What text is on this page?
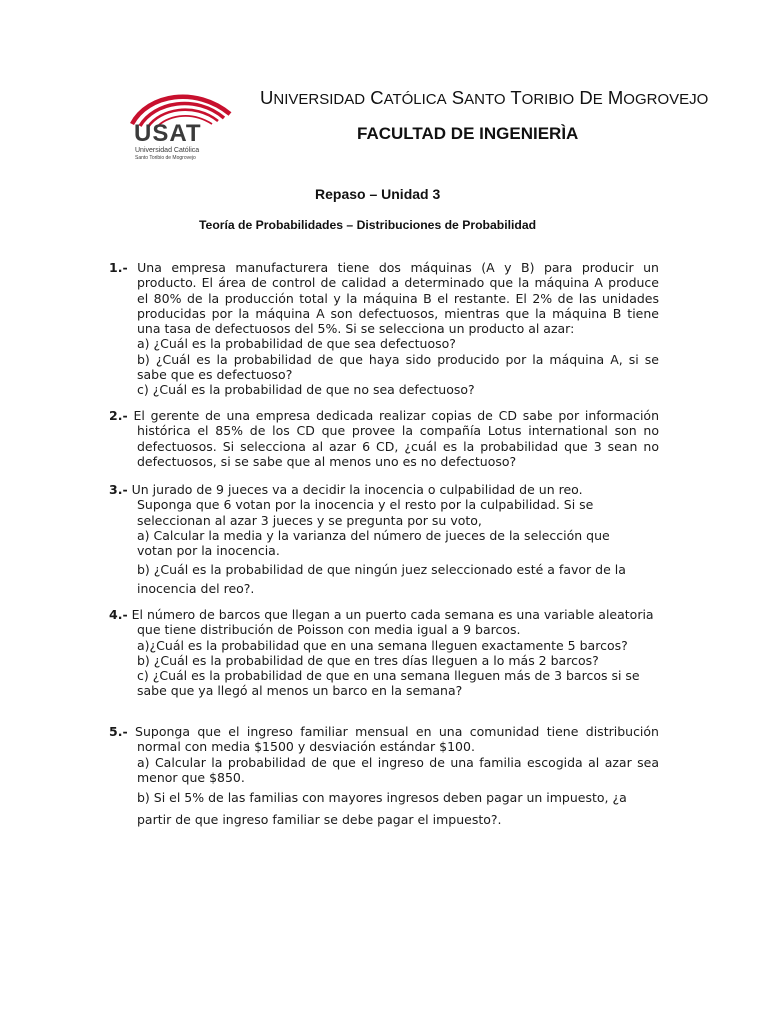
USAT
Universidad Católica
Santo Toribio de Mogrovejo
UNIVERSIDAD CATÓLICA SANTO TORIBIO DE MOGROVEJO
FACULTAD DE INGENIERÌA
Repaso – Unidad 3
Teoría de Probabilidades – Distribuciones de Probabilidad
1.- Una empresa manufacturera tiene dos máquinas (A y B) para producir un
producto. El área de control de calidad a determinado que la máquina A produce
el 80% de la producción total y la máquina B el restante. El 2% de las unidades
producidas por la máquina A son defectuosos, mientras que la máquina B tiene
una tasa de defectuosos del 5%. Si se selecciona un producto al azar:
a) ¿Cuál es la probabilidad de que sea defectuoso?
b) ¿Cuál es la probabilidad de que haya sido producido por la máquina A, si se
sabe que es defectuoso?
c) ¿Cuál es la probabilidad de que no sea defectuoso?
2.- El gerente de una empresa dedicada realizar copias de CD sabe por información
histórica el 85% de los CD que provee la compañía Lotus international son no
defectuosos. Si selecciona al azar 6 CD, ¿cuál es la probabilidad que 3 sean no
defectuosos, si se sabe que al menos uno es no defectuoso?
3.- Un jurado de 9 jueces va a decidir la inocencia o culpabilidad de un reo.
Suponga que 6 votan por la inocencia y el resto por la culpabilidad. Si se
seleccionan al azar 3 jueces y se pregunta por su voto,
a) Calcular la media y la varianza del número de jueces de la selección que
votan por la inocencia.
b) ¿Cuál es la probabilidad de que ningún juez seleccionado esté a favor de la
inocencia del reo?.
4.- El número de barcos que llegan a un puerto cada semana es una variable aleatoria
que tiene distribución de Poisson con media igual a 9 barcos.
a)¿Cuál es la probabilidad que en una semana lleguen exactamente 5 barcos?
b) ¿Cuál es la probabilidad de que en tres días lleguen a lo más 2 barcos?
c) ¿Cuál es la probabilidad de que en una semana lleguen más de 3 barcos si se
sabe que ya llegó al menos un barco en la semana?
5.- Suponga que el ingreso familiar mensual en una comunidad tiene distribución
normal con media $1500 y desviación estándar $100.
a) Calcular la probabilidad de que el ingreso de una familia escogida al azar sea
menor que $850.
b) Si el 5% de las familias con mayores ingresos deben pagar un impuesto, ¿a
partir de que ingreso familiar se debe pagar el impuesto?.
